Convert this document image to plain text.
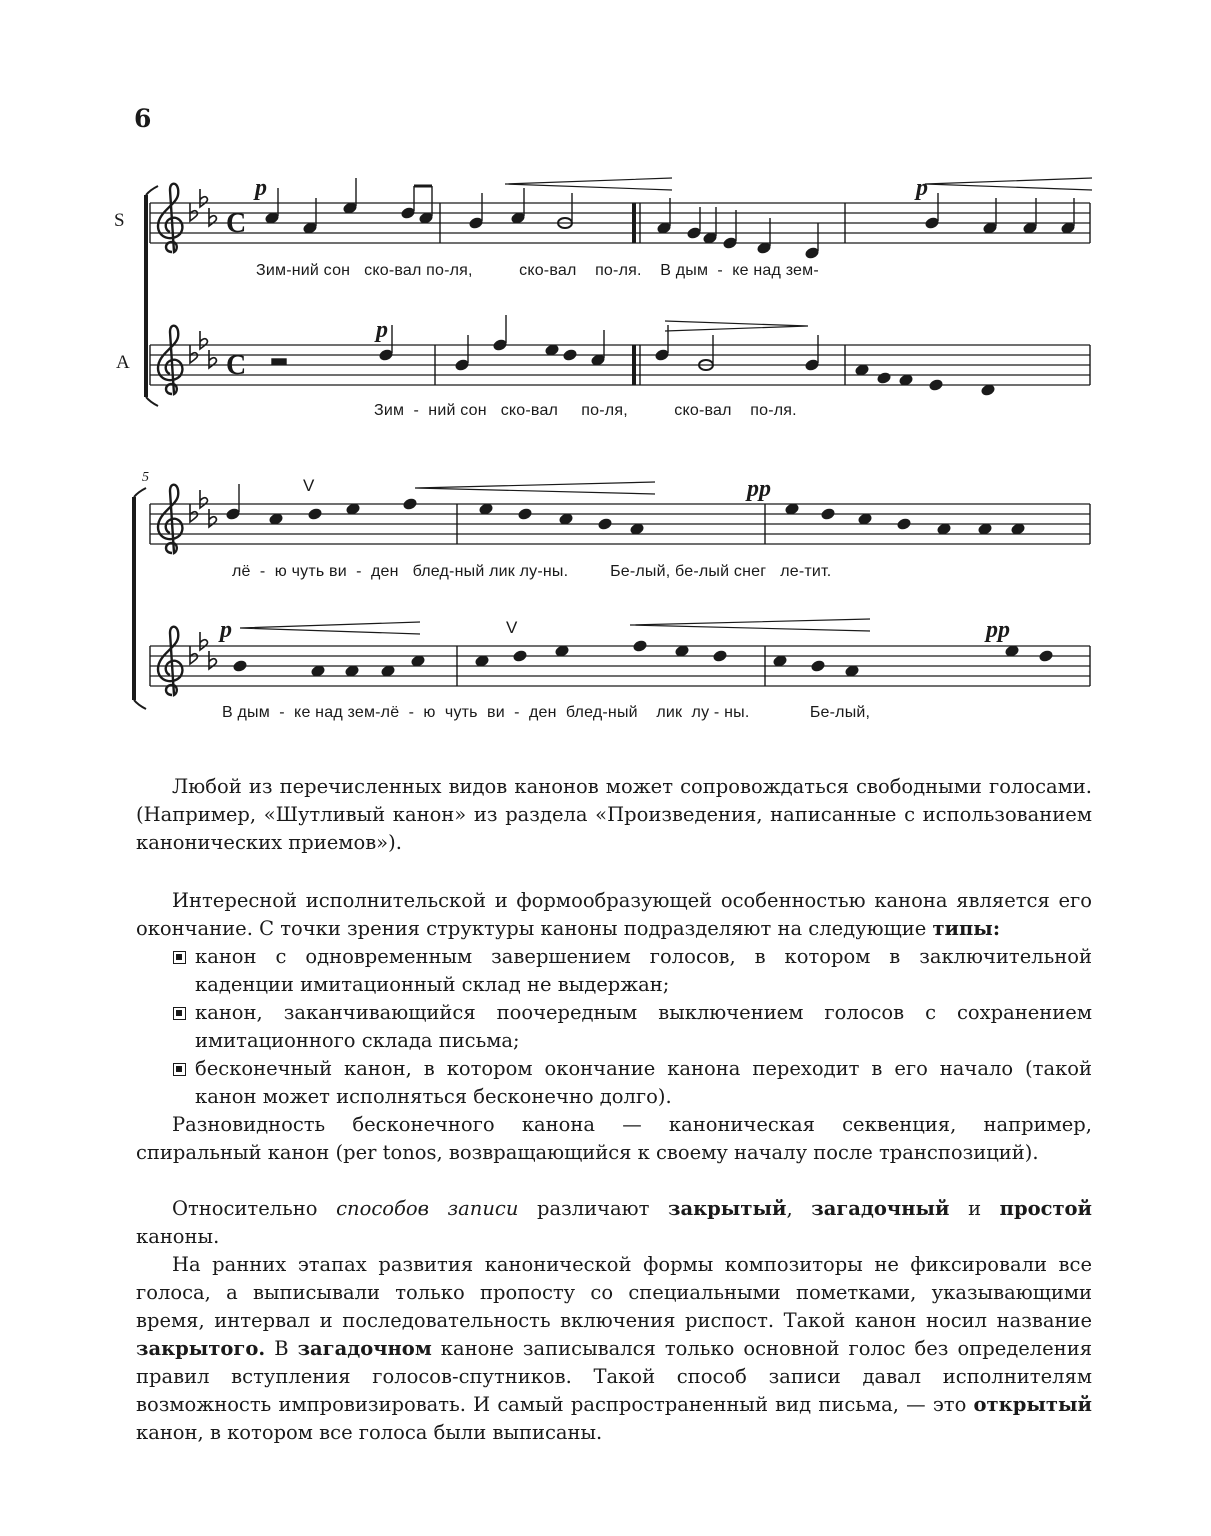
6
C
C
S
A
p
p
p
Зим-ний сон   ско-вал по-ля,          ско-вал    по-ля.    В дым  -  ке над зем-
Зим  -  ний сон   ско-вал     по-ля,          ско-вал    по-ля.
5	V
V
pp
p	pp
лё  -  ю чуть ви  -  ден   блед-ный лик лу-ны.         Бе-лый, бе-лый снег   ле-тит.
В дым  -  ке над зем-лё  -  ю  чуть  ви  -  ден  блед-ный    лик  лу - ны.             Бе-лый,

Любой из перечисленных видов канонов может сопровождаться свободными голосами. (Например, «Шутливый канон» из раздела «Произведения, написанные с использованием канонических приемов»).

Интересной исполнительской и формообразующей особенностью канона является его окончание. С точки зрения структуры каноны подразделяют на следующие типы:

канон с одновременным завершением голосов, в котором в заключительной каденции имитационный склад не выдержан;
канон, заканчивающийся поочередным выключением голосов с сохранением имитационного склада письма;
бесконечный канон, в котором окончание канона переходит в его начало (такой канон может исполняться бесконечно долго).

Разновидность бесконечного канона — каноническая секвенция, например, спиральный канон (per tonos, возвращающийся к своему началу после транспозиций).

Относительно способов записи различают закрытый, загадочный и простой каноны.

На ранних этапах развития канонической формы композиторы не фиксировали все голоса, а выписывали только пропосту со специальными пометками, указывающими время, интервал и последовательность включения риспост. Такой канон носил название закрытого. В загадочном каноне записывался только основной голос без определения правил вступления голосов-спутников. Такой способ записи давал исполнителям возможность импровизировать. И самый распространенный вид письма, — это открытый канон, в котором все голоса были выписаны.
